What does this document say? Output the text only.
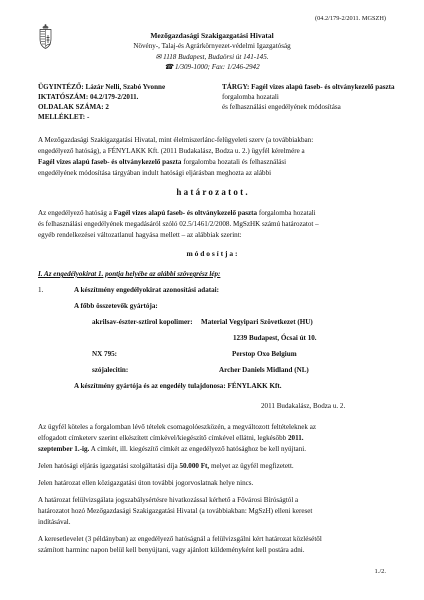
(04.2/179-2/2011. MGSZH)
Mezőgazdasági Szakigazgatási Hivatal
Növény-, Talaj-és Agrárkörnyezet-védelmi Igazgatóság
✉ 1118 Budapest, Budaörsi út 141-145.
☎ 1/309-1000; Fax: 1/246-2942
ÜGYINTÉZŐ: Lázár Nelli, Szabó Yvonne
IKTATÓSZÁM: 04.2/179-2/2011.
OLDALAK SZÁMA: 2
MELLÉKLET: -
TÁRGY: Fagél vizes alapú faseb- és oltványkezelő paszta
forgalomba hozatali
és felhasználási engedélyének módosítása
A Mezőgazdasági Szakigazgatási Hivatal, mint élelmiszerlánc-felügyeleti szerv (a továbbiakban:
engedélyező hatóság), a FÉNYLAKK Kft. (2011 Budakalász, Bodza u. 2.) ügyfél kérelmére a
Fagél vizes alapú faseb- és oltványkezelő paszta forgalomba hozatali és felhasználási
engedélyének módosítása tárgyában indult hatósági eljárásban meghozta az alábbi
h a t á r o z a t o t .
Az engedélyező hatóság a Fagél vizes alapú faseb- és oltványkezelő paszta forgalomba hozatali
és felhasználási engedélyének megadásáról szóló 02.5/1461/2/2008. MgSzHK számú határozatot –
egyéb rendelkezései változatlanul hagyása mellett – az alábbiak szerint:
m ó d o s í t j a :
I. Az engedélyokirat 1. pontja helyébe az alábbi szövegrész lép:
1.	A készítmény engedélyokirat azonosítási adatai:
A főbb összetevők gyártója:
akrilsav-észter-sztirol kopolimer: Material Vegyipari Szövetkezet (HU)
1239 Budapest, Ócsai út 10.
NX 795:	Perstop Oxo Belgium
szójalecitin:	Archer Daniels Midland (NL)
A készítmény gyártója és az engedély tulajdonosa: FÉNYLAKK Kft.
2011 Budakalász, Bodza u. 2.
Az ügyfél köteles a forgalomban lévő tételek csomagolóeszközén, a megváltozott feltételeknek az
elfogadott címketerv szerint elkészített címkével/kiegészítő címkével ellátni, legkésőbb 2011.
szeptember 1.-ig. A címkét, ill. kiegészítő címkét az engedélyező hatósághoz be kell nyújtani.
Jelen hatósági eljárás igazgatási szolgáltatási díja 50.000 Ft, melyet az ügyfél megfizetett.
Jelen határozat ellen közigazgatási úton további jogorvoslatnak helye nincs.
A határozat felülvizsgálata jogszabálysértésre hivatkozással kérhető a Fővárosi Bíróságtól a
határozatot hozó Mezőgazdasági Szakigazgatási Hivatal (a továbbiakban: MgSzH) elleni kereset
indításával.
A keresetlevelet (3 példányban) az engedélyező hatóságnál a felülvizsgálni kért határozat közlésétől
számított harminc napon belül kell benyújtani, vagy ajánlott küldeményként kell postára adni.
1./2.
